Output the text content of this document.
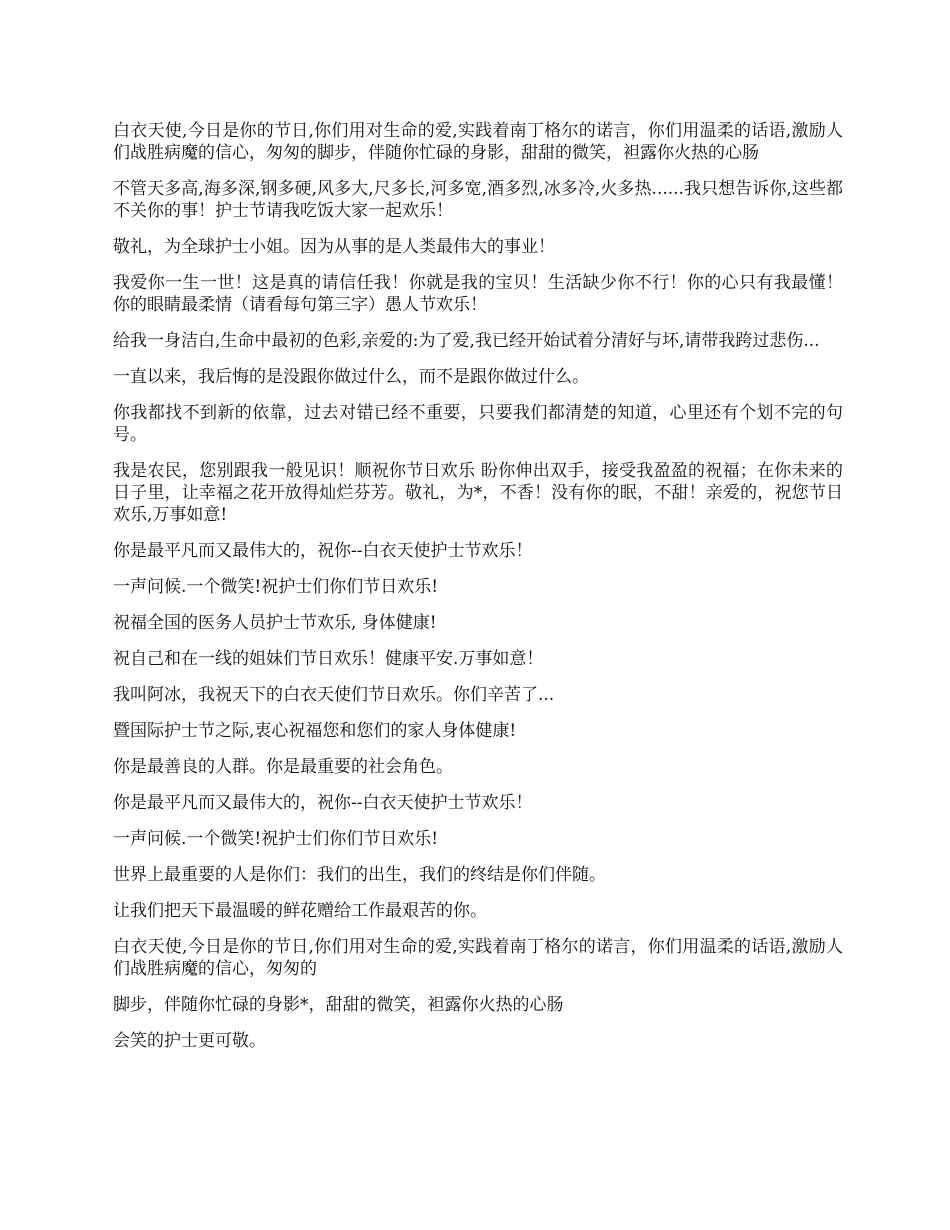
白衣天使,今日是你的节日,你们用对生命的爱,实践着南丁格尔的诺言，你们用温柔的话语,激励人们战胜病魔的信心，匆匆的脚步，伴随你忙碌的身影，甜甜的微笑，袒露你火热的心肠

不管天多高,海多深,钢多硬,风多大,尺多长,河多宽,酒多烈,冰多冷,火多热......我只想告诉你,这些都不关你的事！护士节请我吃饭大家一起欢乐！

敬礼，为全球护士小姐。因为从事的是人类最伟大的事业！

我爱你一生一世！这是真的请信任我！你就是我的宝贝！生活缺少你不行！你的心只有我最懂！你的眼睛最柔情（请看每句第三字）愚人节欢乐！

给我一身洁白,生命中最初的色彩,亲爱的:为了爱,我已经开始试着分清好与坏,请带我跨过悲伤...

一直以来，我后悔的是没跟你做过什么，而不是跟你做过什么。

你我都找不到新的依靠，过去对错已经不重要，只要我们都清楚的知道，心里还有个划不完的句号。

我是农民，您别跟我一般见识！顺祝你节日欢乐 盼你伸出双手，接受我盈盈的祝福；在你未来的日子里，让幸福之花开放得灿烂芬芳。敬礼，为*，不香！没有你的眠，不甜！亲爱的，祝您节日欢乐,万事如意!

你是最平凡而又最伟大的，祝你--白衣天使护士节欢乐！

一声问候.一个微笑!祝护士们你们节日欢乐!

祝福全国的医务人员护士节欢乐, 身体健康!

祝自己和在一线的姐妹们节日欢乐！健康平安.万事如意！

我叫阿冰，我祝天下的白衣天使们节日欢乐。你们辛苦了...

暨国际护士节之际,衷心祝福您和您们的家人身体健康!

你是最善良的人群。你是最重要的社会角色。

你是最平凡而又最伟大的，祝你--白衣天使护士节欢乐！

一声问候.一个微笑!祝护士们你们节日欢乐!

世界上最重要的人是你们：我们的出生，我们的终结是你们伴随。

让我们把天下最温暖的鲜花赠给工作最艰苦的你。

白衣天使,今日是你的节日,你们用对生命的爱,实践着南丁格尔的诺言，你们用温柔的话语,激励人们战胜病魔的信心，匆匆的

脚步，伴随你忙碌的身影*，甜甜的微笑，袒露你火热的心肠

会笑的护士更可敬。
